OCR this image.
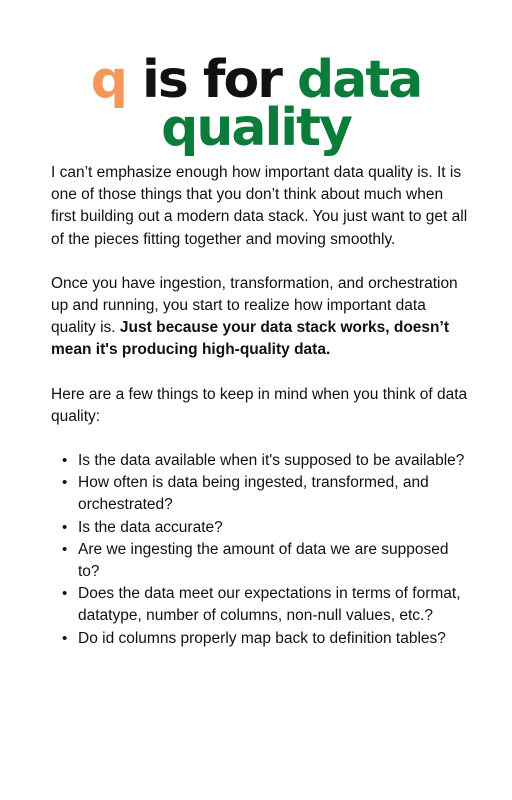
q is for data
quality

I can’t emphasize enough how important data quality is. It is one of those things that you don’t think about much when first building out a modern data stack. You just want to get all of the pieces fitting together and moving smoothly.

Once you have ingestion, transformation, and orchestration up and running, you start to realize how important data quality is. Just because your data stack works, doesn’t mean it's producing high-quality data.

Here are a few things to keep in mind when you think of data quality:

• Is the data available when it's supposed to be available?
• How often is data being ingested, transformed, and orchestrated?
• Is the data accurate?
• Are we ingesting the amount of data we are supposed to?
• Does the data meet our expectations in terms of format, datatype, number of columns, non-null values, etc.?
• Do id columns properly map back to definition tables?
